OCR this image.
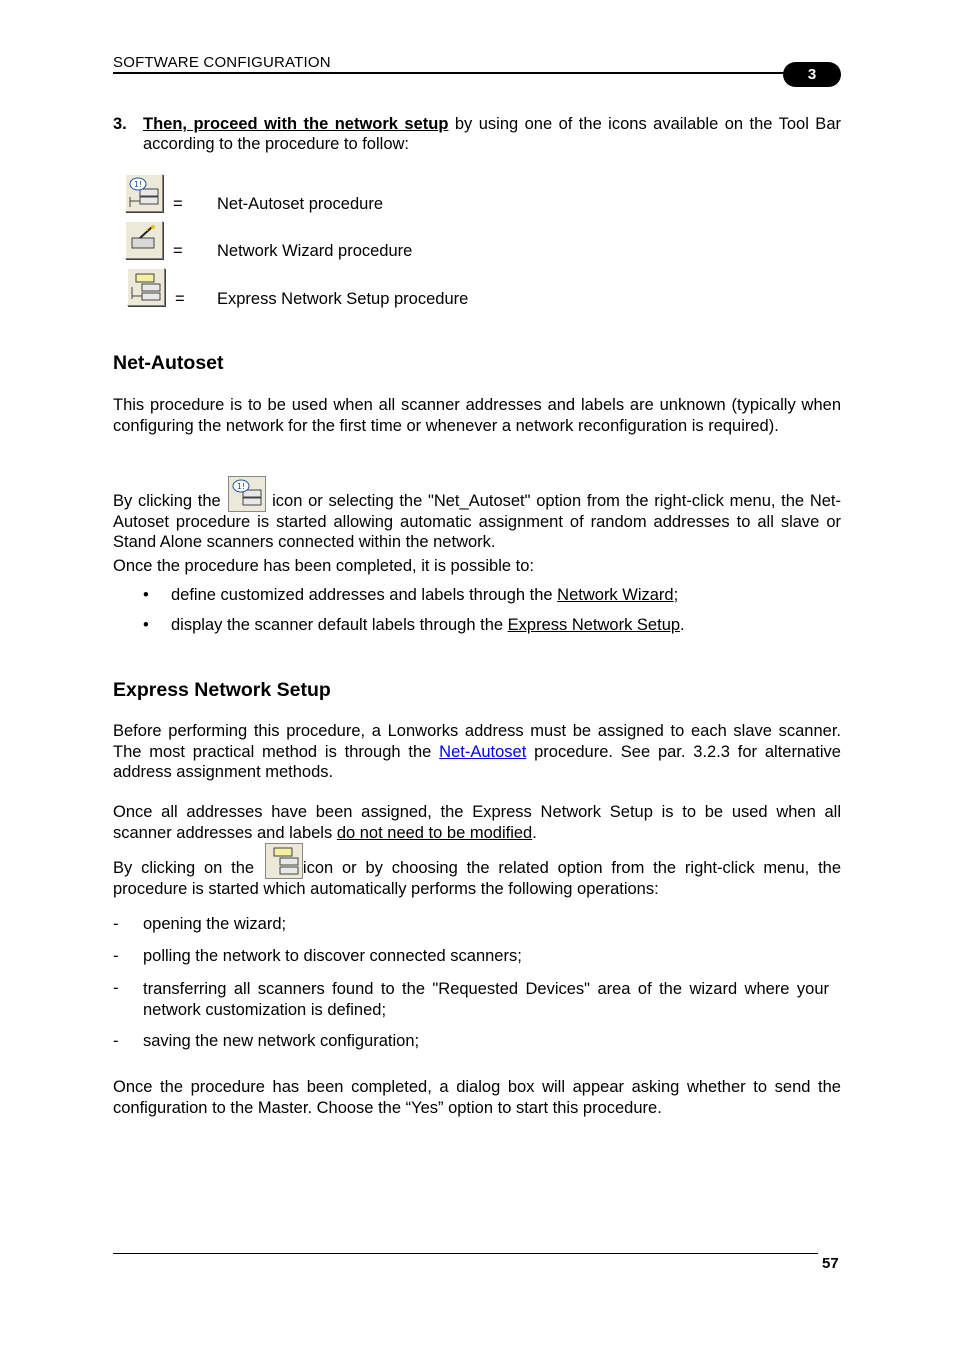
SOFTWARE CONFIGURATION
3
3. Then, proceed with the network setup by using one of the icons available on the Tool Bar according to the procedure to follow:
1!
= Net-Autoset procedure
= Network Wizard procedure
= Express Network Setup procedure
Net-Autoset
This procedure is to be used when all scanner addresses and labels are unknown (typically when configuring the network for the first time or whenever a network reconfiguration is required).
By clicking the
1!
icon or selecting the "Net_Autoset" option from the right-click menu, the Net-Autoset procedure is started allowing automatic assignment of random addresses to all slave or Stand Alone scanners connected within the network.
Once the procedure has been completed, it is possible to:
• define customized addresses and labels through the Network Wizard;
• display the scanner default labels through the Express Network Setup.
Express Network Setup
Before performing this procedure, a Lonworks address must be assigned to each slave scanner. The most practical method is through the Net-Autoset procedure. See par. 3.2.3 for alternative address assignment methods.
Once all addresses have been assigned, the Express Network Setup is to be used when all scanner addresses and labels do not need to be modified.
By clicking on the icon or by choosing the related option from the right-click menu, the procedure is started which automatically performs the following operations:
- opening the wizard;
- polling the network to discover connected scanners;
- transferring all scanners found to the "Requested Devices" area of the wizard where your network customization is defined;
- saving the new network configuration;
Once the procedure has been completed, a dialog box will appear asking whether to send the configuration to the Master. Choose the “Yes” option to start this procedure.
57
